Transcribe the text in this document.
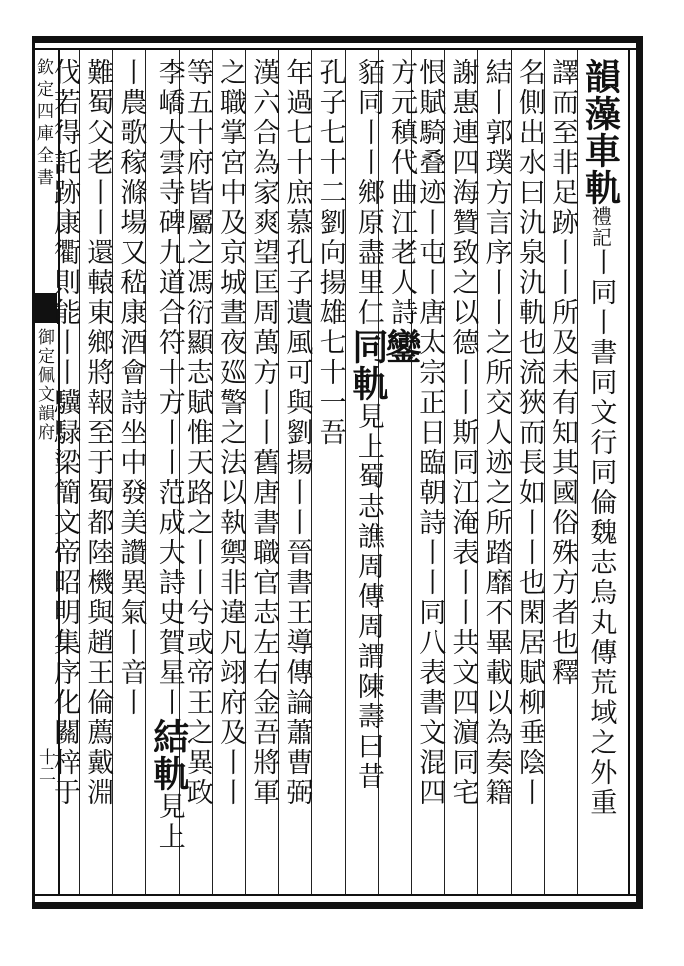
欽定四庫全書
御定佩文韻府
十二
韻藻車軌禮記丨同丨書同文行同倫魏志烏丸傳荒域之外重
譯而至非足跡丨丨所及未有知其國俗殊方者也釋
名側出水曰氿泉氿軌也流狹而長如丨丨也閑居賦柳垂陰丨
結丨郭璞方言序丨丨之所交人迹之所踏靡不畢載以為奏籍
謝惠連四海贊致之以德丨丨斯同江淹表丨丨共文四濵同宅
恨賦騎叠迹丨屯丨唐太宗正日臨朝詩丨丨同八表書文混四
方元稹代曲江老人詩鑾
貊同丨丨鄉原盡里仁同軌見上蜀志譙周傳周謂陳壽曰昔
孔子七十二劉向揚雄七十一吾
年過七十庶慕孔子遺風可與劉揚丨丨晉書王導傳論蕭曹弼
漢六合為家爽望匡周萬方丨丨舊唐書職官志左右金吾將軍
之職掌宮中及京城晝夜廵警之法以執禦非違凡翊府及丨丨
等五十府皆屬之馮衍顯志賦惟天路之丨丨兮或帝王之異政
李嶠大雲寺碑九道合符十方丨丨范成大詩史賀星丨結軌見上
丨農歌稼滌場又嵇康酒會詩坐中發美讚異氣丨音丨
難蜀父老丨丨還轅東鄉將報至于蜀都陸機與趙王倫薦戴淵
伐若得託跡康衢則能丨丨驥騄梁簡文帝昭明集序化關梓于
